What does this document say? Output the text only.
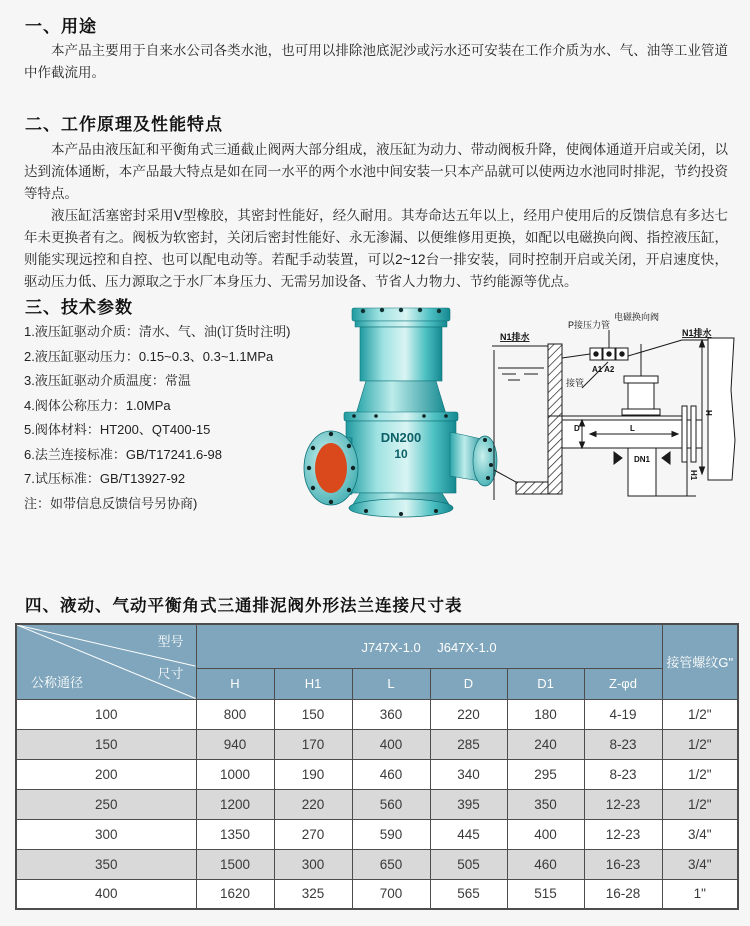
一、用途

本产品主要用于自来水公司各类水池，也可用以排除池底泥沙或污水还可安装在工作介质为水、气、油等工业管道中作截流用。

二、工作原理及性能特点

本产品由液压缸和平衡角式三通截止阀两大部分组成，液压缸为动力、带动阀板升降，使阀体通道开启或关闭，以达到流体通断，本产品最大特点是如在同一水平的两个水池中间安装一只本产品就可以使两边水池同时排泥，节约投资等特点。

液压缸活塞密封采用V型橡胶，其密封性能好，经久耐用。其寿命达五年以上，经用户使用后的反馈信息有多达七年未更换者有之。阀板为软密封，关闭后密封性能好、永无渗漏、以便维修用更换，如配以电磁换向阀、指控液压缸，则能实现远控和自控、也可以配电动等。若配手动装置，可以2~12台一排安装，同时控制开启或关闭，开启速度快，驱动压力低、压力源取之于水厂本身压力、无需另加设备、节省人力物力、节约能源等优点。

三、技术参数
1.液压缸驱动介质：清水、气、油(订货时注明)
2.液压缸驱动压力：0.15~0.3、0.3~1.1MPa
3.液压缸驱动介质温度：常温
4.阀体公称压力：1.0MPa
5.阀体材料：HT200、QT400-15
6.法兰连接标准：GB/T17241.6-98
7.试压标准：GB/T13927-92
注：如带信息反馈信号另协商)
DN200
10
N1排水
P接压力管
电磁换向阀
N1排水
A1 A2
接管
D	L
DN1
H
H1
四、液动、气动平衡角式三通排泥阀外形法兰连接尺寸表
型号
尺寸
公称通径	J747X-1.0　 J647X-1.0						接管螺纹G"
	H	H1	L	D	D1	Z-φd	
100	800	150	360	220	180	4-19	1/2"
150	940	170	400	285	240	8-23	1/2"
200	1000	190	460	340	295	8-23	1/2"
250	1200	220	560	395	350	12-23	1/2"
300	1350	270	590	445	400	12-23	3/4"
350	1500	300	650	505	460	16-23	3/4"
400	1620	325	700	565	515	16-28	1"
